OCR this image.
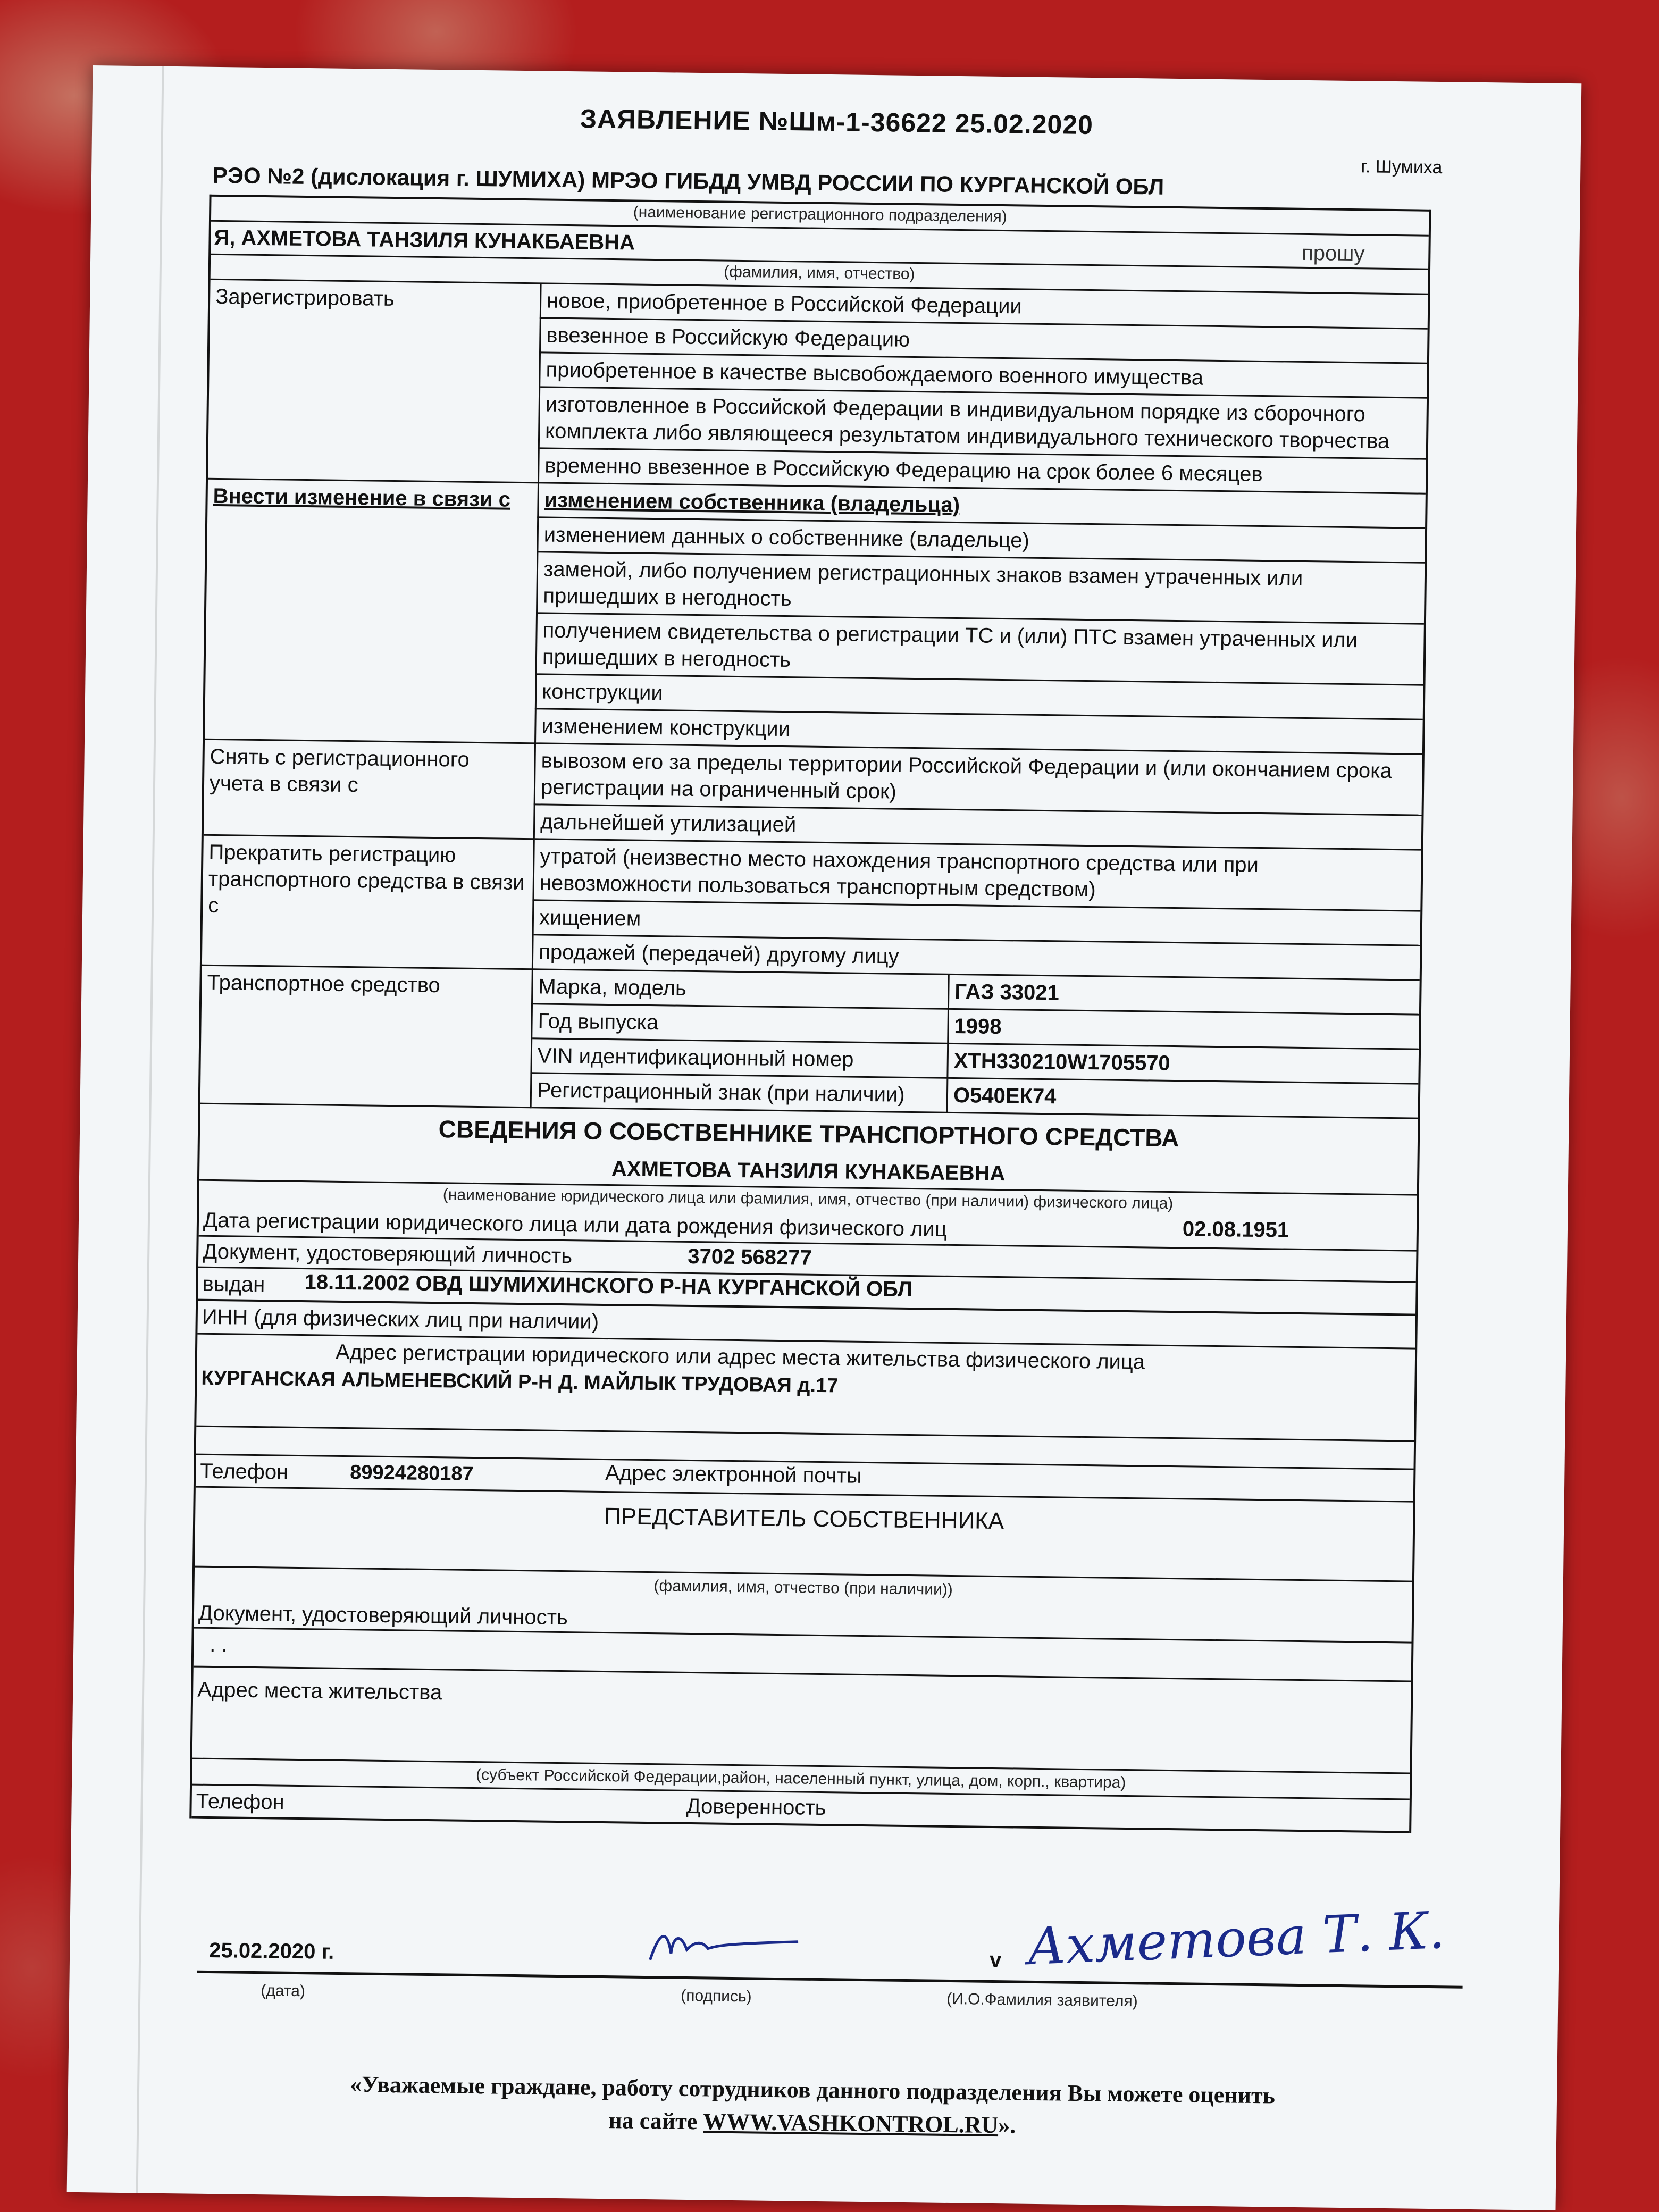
ЗАЯВЛЕНИЕ №Шм-1-36622 25.02.2020
г. Шумиха
РЭО №2 (дислокация г. ШУМИХА) МРЭО ГИБДД УМВД РОССИИ ПО КУРГАНСКОЙ ОБЛ
(наименование регистрационного подразделения)
Я, АХМЕТОВА ТАНЗИЛЯ КУНАКБАЕВНА	прошу
(фамилия, имя, отчество)
Зарегистрировать	новое, приобретенное в Российской Федерации
	ввезенное в Российскую Федерацию
	приобретенное в качестве высвобождаемого военного имущества
	изготовленное в Российской Федерации в индивидуальном порядке из сборочного комплекта либо являющееся результатом индивидуального технического творчества
	временно ввезенное в Российскую Федерацию на срок более 6 месяцев
Внести изменение в связи с	изменением собственника (владельца)
	изменением данных о собственнике (владельце)
	заменой, либо получением регистрационных знаков взамен утраченных или пришедших в негодность
	получением свидетельства о регистрации ТС и (или) ПТС взамен утраченных или пришедших в негодность
	конструкции
	изменением конструкции
Снять с регистрационного учета в связи с	вывозом его за пределы территории Российской Федерации и (или окончанием срока регистрации на ограниченный срок)
	дальнейшей утилизацией
Прекратить регистрацию транспортного средства в связи с	утратой (неизвестно место нахождения транспортного средства или при невозможности пользоваться транспортным средством)
	хищением
	продажей (передачей) другому лицу
Транспортное средство	Марка, модель	ГАЗ 33021
	Год выпуска	1998
	VIN идентификационный номер	XTH330210W1705570
	Регистрационный знак (при наличии)	О540ЕК74
СВЕДЕНИЯ О СОБСТВЕННИКЕ ТРАНСПОРТНОГО СРЕДСТВА
АХМЕТОВА ТАНЗИЛЯ КУНАКБАЕВНА
(наименование юридического лица или фамилия, имя, отчество (при наличии) физического лица)
Дата регистрации юридического лица или дата рождения физического лиц	02.08.1951
Документ, удостоверяющий личность	3702 568277
выдан 18.11.2002 ОВД ШУМИХИНСКОГО Р-НА КУРГАНСКОЙ ОБЛ
ИНН (для физических лиц при наличии)
Адрес регистрации юридического или адрес места жительства физического лица
КУРГАНСКАЯ АЛЬМЕНЕВСКИЙ Р-Н Д. МАЙЛЫК ТРУДОВАЯ д.17
Телефон	89924280187	Адрес электронной почты
ПРЕДСТАВИТЕЛЬ СОБСТВЕННИКА
(фамилия, имя, отчество (при наличии))
Документ, удостоверяющий личность
. .
Адрес места жительства
(субъект Российской Федерации,район, населенный пункт, улица, дом, корп., квартира)
Телефон	Доверенность
25.02.2020 г.	v Ахметова Т. К.
(дата)	(подпись)	(И.О.Фамилия заявителя)
«Уважаемые граждане, работу сотрудников данного подразделения Вы можете оценить
на сайте WWW.VASHKONTROL.RU».
